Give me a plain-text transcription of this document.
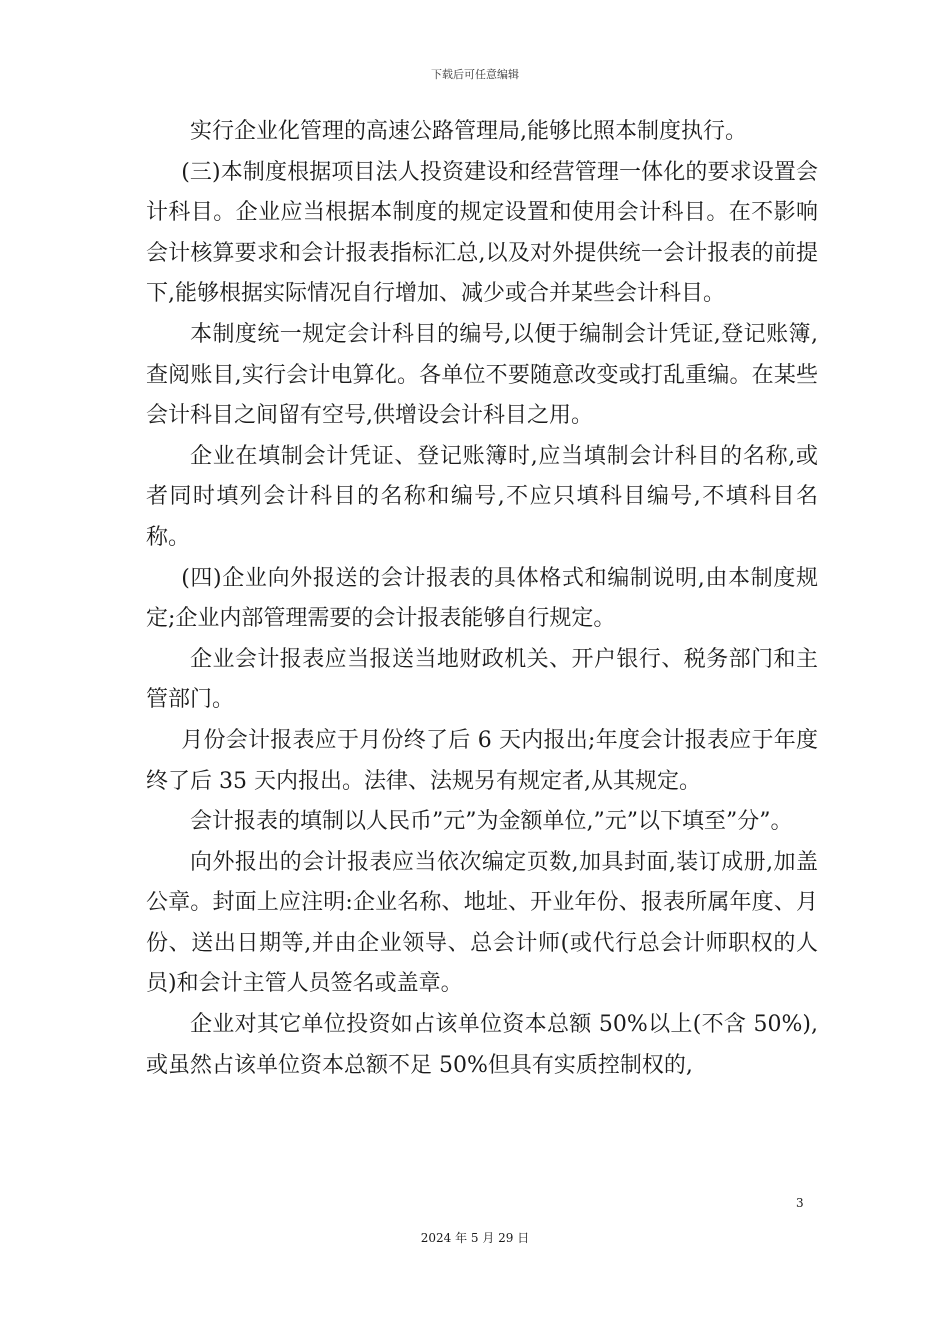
下载后可任意编辑

实行企业化管理的高速公路管理局,能够比照本制度执行。

(三)本制度根据项目法人投资建设和经营管理一体化的要求设置会计科目。企业应当根据本制度的规定设置和使用会计科目。在不影响会计核算要求和会计报表指标汇总,以及对外提供统一会计报表的前提下,能够根据实际情况自行增加、减少或合并某些会计科目。

本制度统一规定会计科目的编号,以便于编制会计凭证,登记账簿,查阅账目,实行会计电算化。各单位不要随意改变或打乱重编。在某些会计科目之间留有空号,供增设会计科目之用。

企业在填制会计凭证、登记账簿时,应当填制会计科目的名称,或者同时填列会计科目的名称和编号,不应只填科目编号,不填科目名称。

(四)企业向外报送的会计报表的具体格式和编制说明,由本制度规定;企业内部管理需要的会计报表能够自行规定。

企业会计报表应当报送当地财政机关、开户银行、税务部门和主管部门。

月份会计报表应于月份终了后 6 天内报出;年度会计报表应于年度终了后 35 天内报出。法律、法规另有规定者,从其规定。

会计报表的填制以人民币”元”为金额单位,”元”以下填至”分”。

向外报出的会计报表应当依次编定页数,加具封面,装订成册,加盖公章。封面上应注明:企业名称、地址、开业年份、报表所属年度、月份、送出日期等,并由企业领导、总会计师(或代行总会计师职权的人员)和会计主管人员签名或盖章。

企业对其它单位投资如占该单位资本总额 50%以上(不含 50%),或虽然占该单位资本总额不足 50%但具有实质控制权的,

3
2024 年 5 月 29 日
